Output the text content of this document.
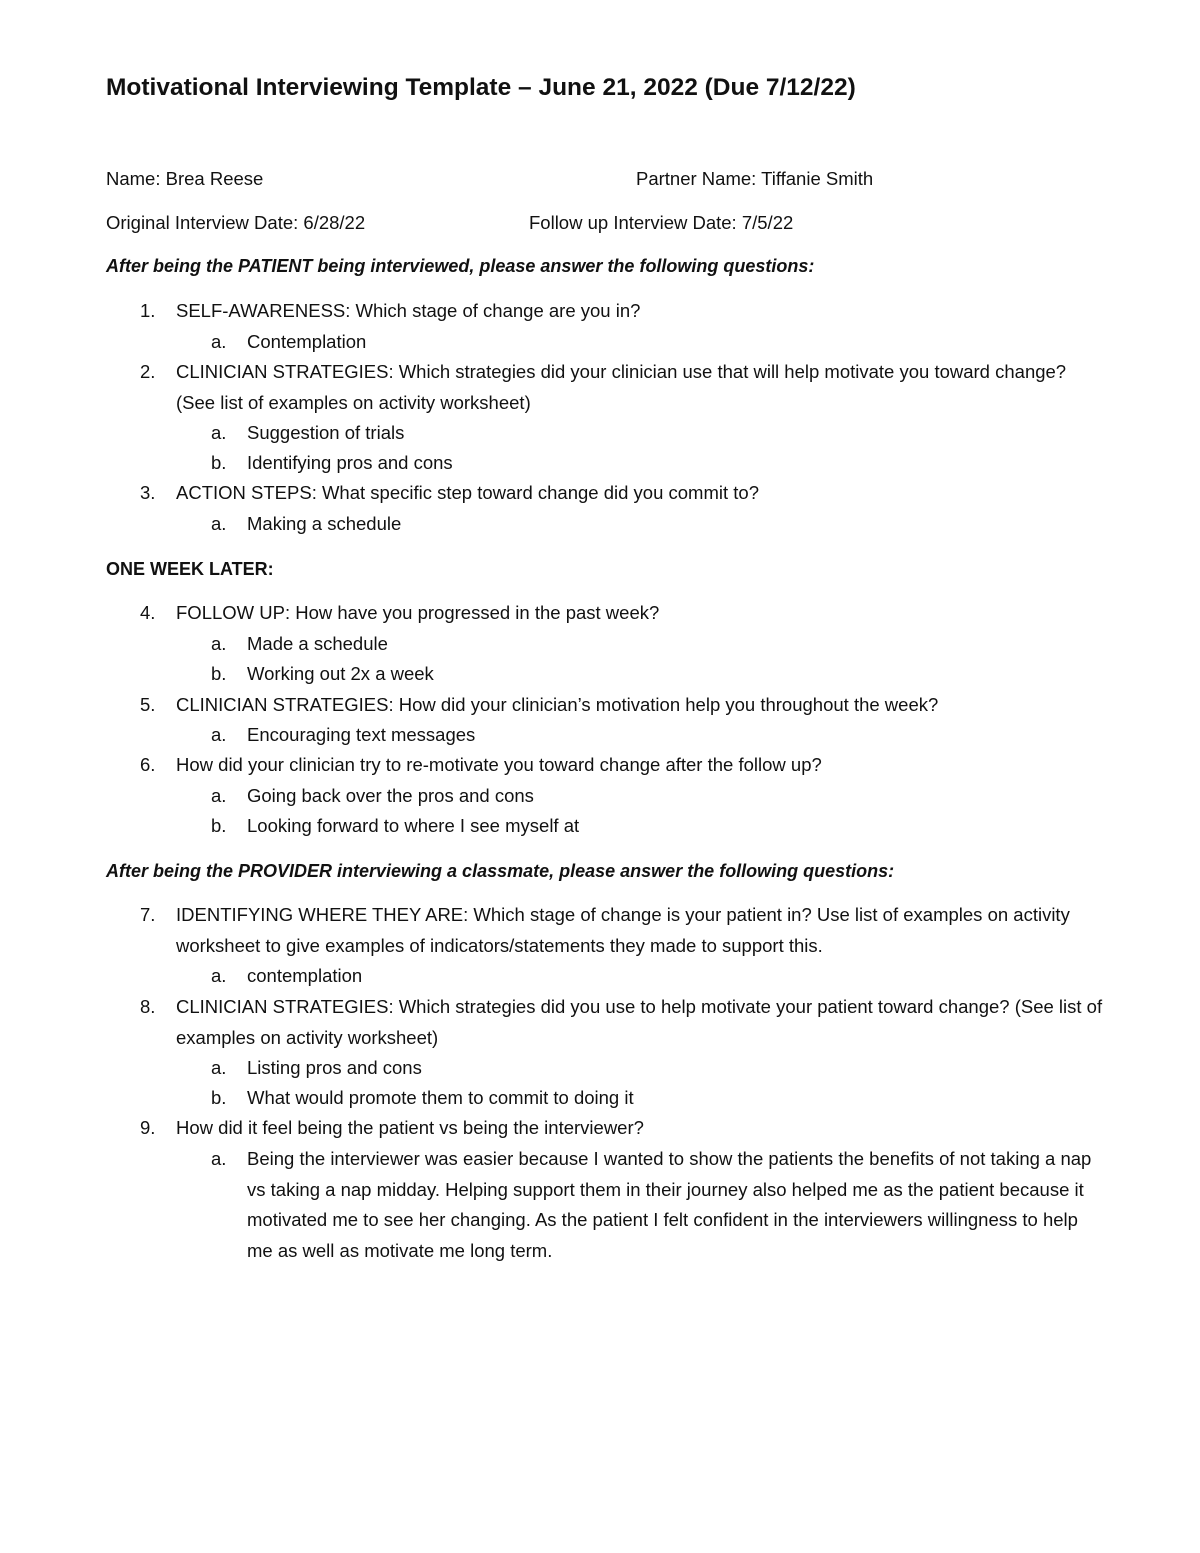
Motivational Interviewing Template – June 21, 2022 (Due 7/12/22)
Name: Brea Reese	Partner Name: Tiffanie Smith
Original Interview Date: 6/28/22	Follow up Interview Date: 7/5/22
After being the PATIENT being interviewed, please answer the following questions:
1.	SELF-AWARENESS: Which stage of change are you in?
a.	Contemplation
2.	CLINICIAN STRATEGIES: Which strategies did your clinician use that will help motivate you toward change? (See list of examples on activity worksheet)
a.	Suggestion of trials
b.	Identifying pros and cons
3.	ACTION STEPS: What specific step toward change did you commit to?
a.	Making a schedule
ONE WEEK LATER:
4.	FOLLOW UP: How have you progressed in the past week?
a.	Made a schedule
b.	Working out 2x a week
5.	CLINICIAN STRATEGIES: How did your clinician’s motivation help you throughout the week?
a.	Encouraging text messages
6.	How did your clinician try to re-motivate you toward change after the follow up?
a.	Going back over the pros and cons
b.	Looking forward to where I see myself at
After being the PROVIDER interviewing a classmate, please answer the following questions:
7.	IDENTIFYING WHERE THEY ARE: Which stage of change is your patient in? Use list of examples on activity worksheet to give examples of indicators/statements they made to support this.
a.	contemplation
8.	CLINICIAN STRATEGIES: Which strategies did you use to help motivate your patient toward change? (See list of examples on activity worksheet)
a.	Listing pros and cons
b.	What would promote them to commit to doing it
9.	How did it feel being the patient vs being the interviewer?
a.	Being the interviewer was easier because I wanted to show the patients the benefits of not taking a nap vs taking a nap midday. Helping support them in their journey also helped me as the patient because it motivated me to see her changing. As the patient I felt confident in the interviewers willingness to help me as well as motivate me long term.
